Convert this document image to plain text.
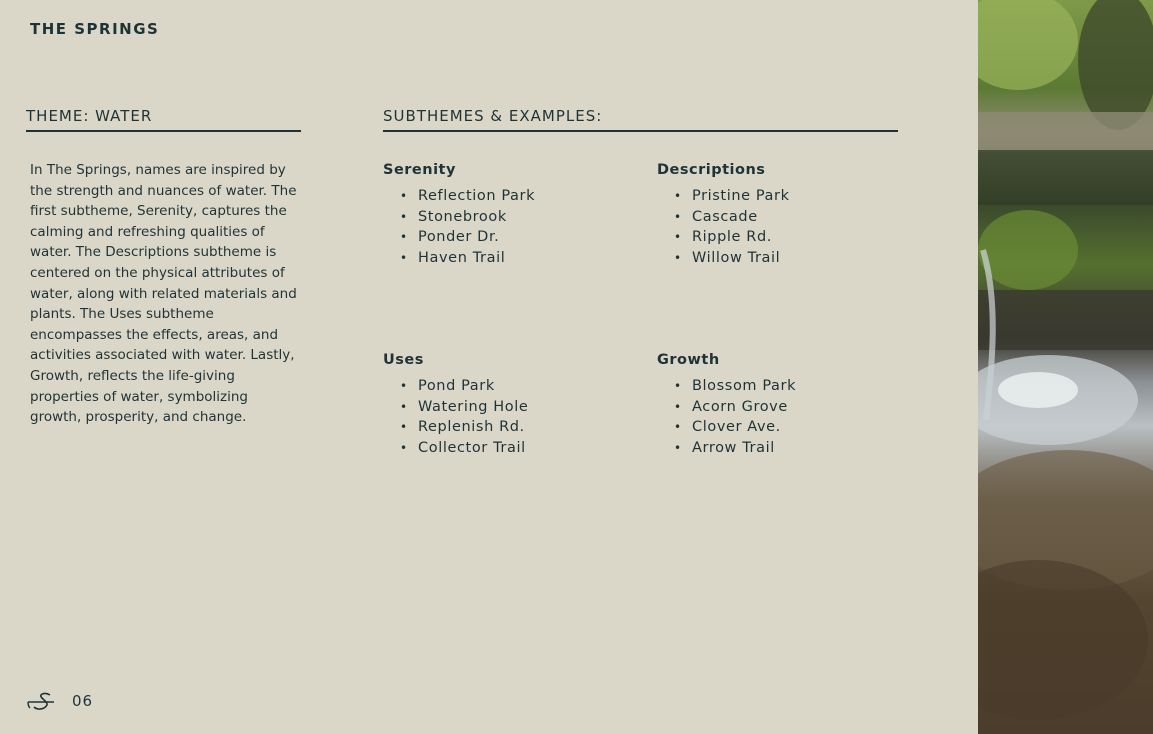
THE SPRINGS
THEME: WATER	SUBTHEMES & EXAMPLES:

In The Springs, names are inspired by the strength and nuances of water. The first subtheme, Serenity, captures the calming and refreshing qualities of water. The Descriptions subtheme is centered on the physical attributes of water, along with related materials and plants. The Uses subtheme encompasses the effects, areas, and activities associated with water. Lastly, Growth, reflects the life-giving properties of water, symbolizing growth, prosperity, and change.

Serenity
• Reflection Park
• Stonebrook
• Ponder Dr.
• Haven Trail
Descriptions
• Pristine Park
• Cascade
• Ripple Rd.
• Willow Trail
Uses
• Pond Park
• Watering Hole
• Replenish Rd.
• Collector Trail
Growth
• Blossom Park
• Acorn Grove
• Clover Ave.
• Arrow Trail
06
